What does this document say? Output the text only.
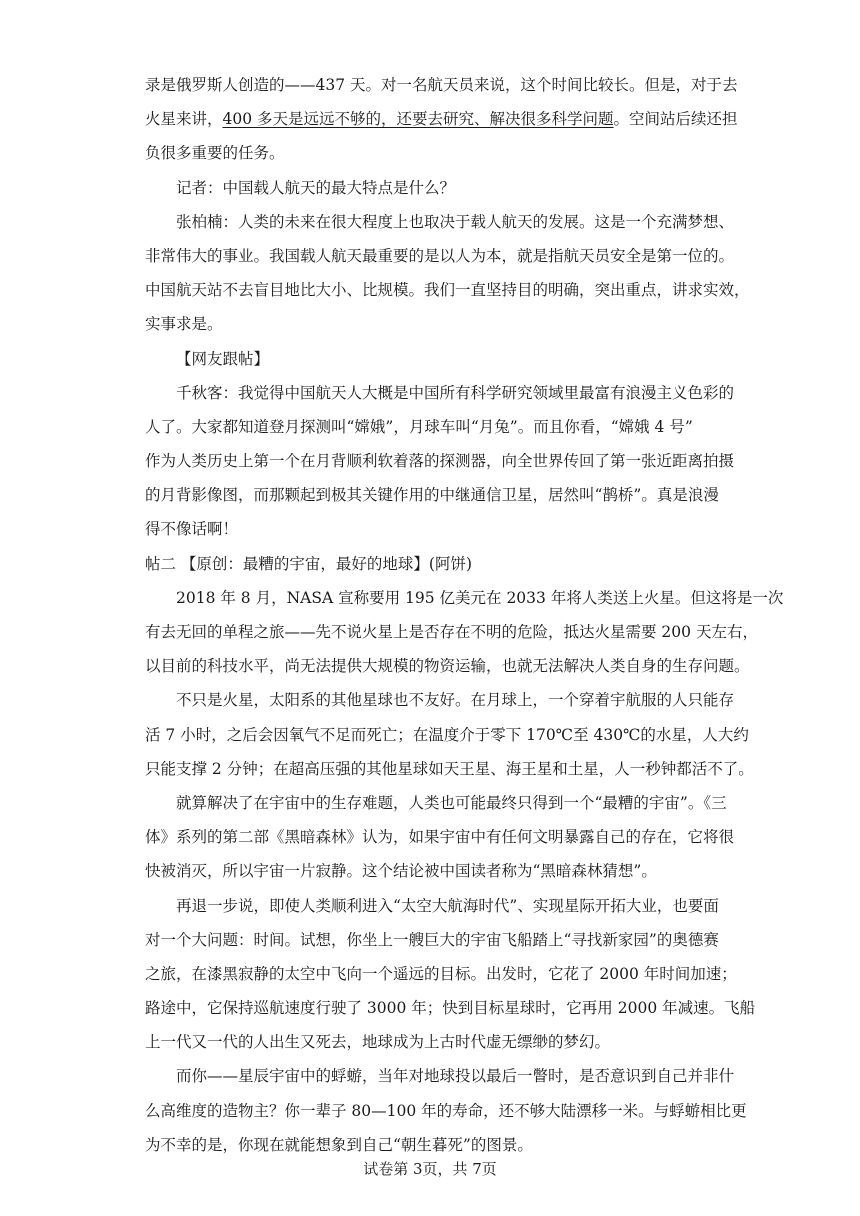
录是俄罗斯人创造的——437 天。对一名航天员来说，这个时间比较长。但是，对于去
火星来讲，400 多天是远远不够的，还要去研究、解决很多科学问题。空间站后续还担
负很多重要的任务。

记者：中国载人航天的最大特点是什么？

张柏楠：人类的未来在很大程度上也取决于载人航天的发展。这是一个充满梦想、
非常伟大的事业。我国载人航天最重要的是以人为本，就是指航天员安全是第一位的。
中国航天站不去盲目地比大小、比规模。我们一直坚持目的明确，突出重点，讲求实效，
实事求是。

【网友跟帖】

千秋客：我觉得中国航天人大概是中国所有科学研究领域里最富有浪漫主义色彩的
人了。大家都知道登月探测叫“嫦娥”，月球车叫“月兔”。而且你看，“嫦娥 4 号”
作为人类历史上第一个在月背顺利软着落的探测器，向全世界传回了第一张近距离拍摄
的月背影像图，而那颗起到极其关键作用的中继通信卫星，居然叫“鹊桥”。真是浪漫
得不像话啊！

帖二 【原创：最糟的宇宙，最好的地球】(阿饼)

2018 年 8 月，NASA 宣称要用 195 亿美元在 2033 年将人类送上火星。但这将是一次
有去无回的单程之旅——先不说火星上是否存在不明的危险，抵达火星需要 200 天左右，
以目前的科技水平，尚无法提供大规模的物资运输，也就无法解决人类自身的生存问题。

不只是火星，太阳系的其他星球也不友好。在月球上，一个穿着宇航服的人只能存
活 7 小时，之后会因氧气不足而死亡；在温度介于零下 170℃至 430℃的水星，人大约
只能支撑 2 分钟；在超高压强的其他星球如天王星、海王星和土星，人一秒钟都活不了。

就算解决了在宇宙中的生存难题，人类也可能最终只得到一个“最糟的宇宙”。《三
体》系列的第二部《黑暗森林》认为，如果宇宙中有任何文明暴露自己的存在，它将很
快被消灭，所以宇宙一片寂静。这个结论被中国读者称为“黑暗森林猜想”。

再退一步说，即使人类顺利进入“太空大航海时代”、实现星际开拓大业，也要面
对一个大问题：时间。试想，你坐上一艘巨大的宇宙飞船踏上“寻找新家园”的奥德赛
之旅，在漆黑寂静的太空中飞向一个遥远的目标。出发时，它花了 2000 年时间加速；
路途中，它保持巡航速度行驶了 3000 年；快到目标星球时，它再用 2000 年减速。飞船
上一代又一代的人出生又死去，地球成为上古时代虚无缥缈的梦幻。

而你——星辰宇宙中的蜉蝣，当年对地球投以最后一瞥时，是否意识到自己并非什
么高维度的造物主？你一辈子 80—100 年的寿命，还不够大陆漂移一米。与蜉蝣相比更
为不幸的是，你现在就能想象到自己“朝生暮死”的图景。

试卷第 3页，共 7页
